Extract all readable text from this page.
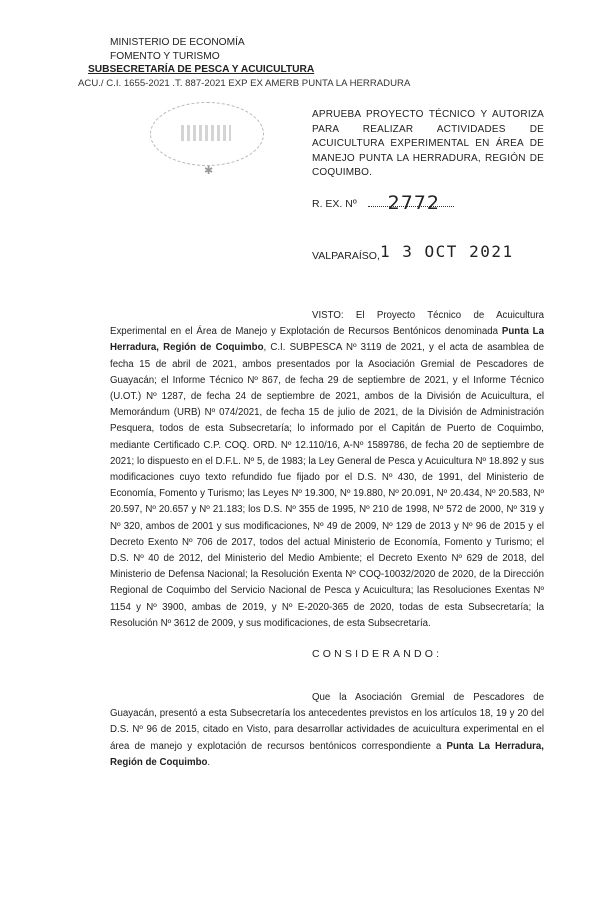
MINISTERIO DE ECONOMÍA
FOMENTO Y TURISMO
SUBSECRETARÍA DE PESCA Y ACUICULTURA
ACU./ C.I. 1655-2021 .T. 887-2021 EXP EX AMERB PUNTA LA HERRADURA
✱
APRUEBA PROYECTO TÉCNICO Y AUTORIZA PARA REALIZAR ACTIVIDADES DE ACUICULTURA EXPERIMENTAL EN ÁREA DE MANEJO PUNTA LA HERRADURA, REGIÓN DE COQUIMBO.
R. EX. Nº 2772
VALPARAÍSO, 1 3 OCT 2021
VISTO: El Proyecto Técnico de Acuicultura Experimental en el Área de Manejo y Explotación de Recursos Bentónicos denominada Punta La Herradura, Región de Coquimbo, C.I. SUBPESCA Nº 3119 de 2021, y el acta de asamblea de fecha 15 de abril de 2021, ambos presentados por la Asociación Gremial de Pescadores de Guayacán; el Informe Técnico Nº 867, de fecha 29 de septiembre de 2021, y el Informe Técnico (U.OT.) Nº 1287, de fecha 24 de septiembre de 2021, ambos de la División de Acuicultura, el Memorándum (URB) Nº 074/2021, de fecha 15 de julio de 2021, de la División de Administración Pesquera, todos de esta Subsecretaría; lo informado por el Capitán de Puerto de Coquimbo, mediante Certificado C.P. COQ. ORD. Nº 12.110/16, A-Nº 1589786, de fecha 20 de septiembre de 2021; lo dispuesto en el D.F.L. Nº 5, de 1983; la Ley General de Pesca y Acuicultura Nº 18.892 y sus modificaciones cuyo texto refundido fue fijado por el D.S. Nº 430, de 1991, del Ministerio de Economía, Fomento y Turismo; las Leyes Nº 19.300, Nº 19.880, Nº 20.091, Nº 20.434, Nº 20.583, Nº 20.597, Nº 20.657 y Nº 21.183; los D.S. Nº 355 de 1995, Nº 210 de 1998, Nº 572 de 2000, Nº 319 y Nº 320, ambos de 2001 y sus modificaciones, Nº 49 de 2009, Nº 129 de 2013 y Nº 96 de 2015 y el Decreto Exento Nº 706 de 2017, todos del actual Ministerio de Economía, Fomento y Turismo; el D.S. Nº 40 de 2012, del Ministerio del Medio Ambiente; el Decreto Exento Nº 629 de 2018, del Ministerio de Defensa Nacional; la Resolución Exenta Nº COQ-10032/2020 de 2020, de la Dirección Regional de Coquimbo del Servicio Nacional de Pesca y Acuicultura; las Resoluciones Exentas Nº 1154 y Nº 3900, ambas de 2019, y Nº E-2020-365 de 2020, todas de esta Subsecretaría; la Resolución Nº 3612 de 2009, y sus modificaciones, de esta Subsecretaría.
CONSIDERANDO:
Que la Asociación Gremial de Pescadores de Guayacán, presentó a esta Subsecretaría los antecedentes previstos en los artículos 18, 19 y 20 del D.S. Nº 96 de 2015, citado en Visto, para desarrollar actividades de acuicultura experimental en el área de manejo y explotación de recursos bentónicos correspondiente a Punta La Herradura, Región de Coquimbo.
